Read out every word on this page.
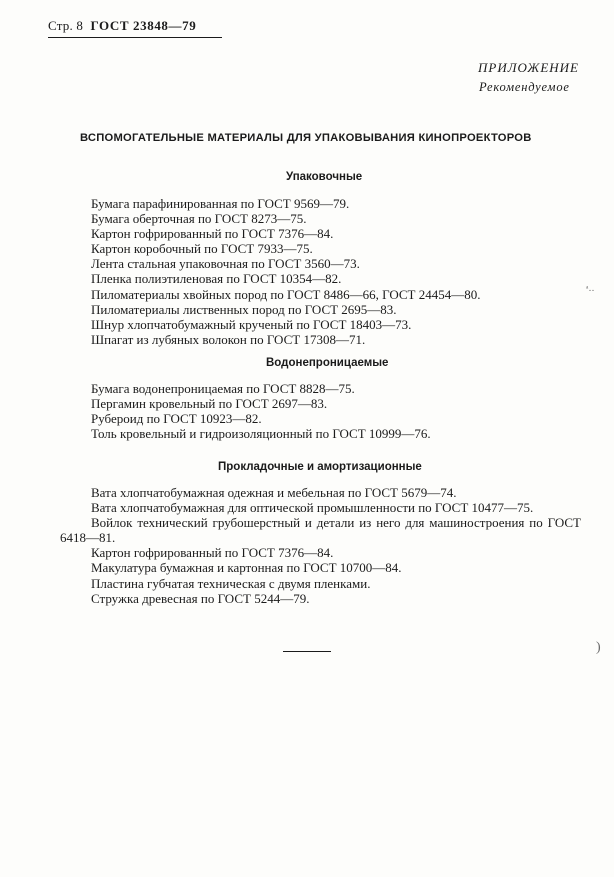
Стр. 8 ГОСТ 23848—79
ПРИЛОЖЕНИЕ
Рекомендуемое
ВСПОМОГАТЕЛЬНЫЕ МАТЕРИАЛЫ ДЛЯ УПАКОВЫВАНИЯ КИНОПРОЕКТОРОВ
Упаковочные
Бумага парафинированная по ГОСТ 9569—79.
Бумага оберточная по ГОСТ 8273—75.
Картон гофрированный по ГОСТ 7376—84.
Картон коробочный по ГОСТ 7933—75.
Лента стальная упаковочная по ГОСТ 3560—73.
Пленка полиэтиленовая по ГОСТ 10354—82.
Пиломатериалы хвойных пород по ГОСТ 8486—66, ГОСТ 24454—80.
Пиломатериалы лиственных пород по ГОСТ 2695—83.
Шнур хлопчатобумажный крученый по ГОСТ 18403—73.
Шпагат из лубяных волокон по ГОСТ 17308—71.
Водонепроницаемые
Бумага водонепроницаемая по ГОСТ 8828—75.
Пергамин кровельный по ГОСТ 2697—83.
Рубероид по ГОСТ 10923—82.
Толь кровельный и гидроизоляционный по ГОСТ 10999—76.
Прокладочные и амортизационные
Вата хлопчатобумажная одежная и мебельная по ГОСТ 5679—74.
Вата хлопчатобумажная для оптической промышленности по ГОСТ 10477—75.
Войлок технический грубошерстный и детали из него для машиностроения по ГОСТ 6418—81.
Картон гофрированный по ГОСТ 7376—84.
Макулатура бумажная и картонная по ГОСТ 10700—84.
Пластина губчатая техническая с двумя пленками.
Стружка древесная по ГОСТ 5244—79.
ᵃ‥
)
